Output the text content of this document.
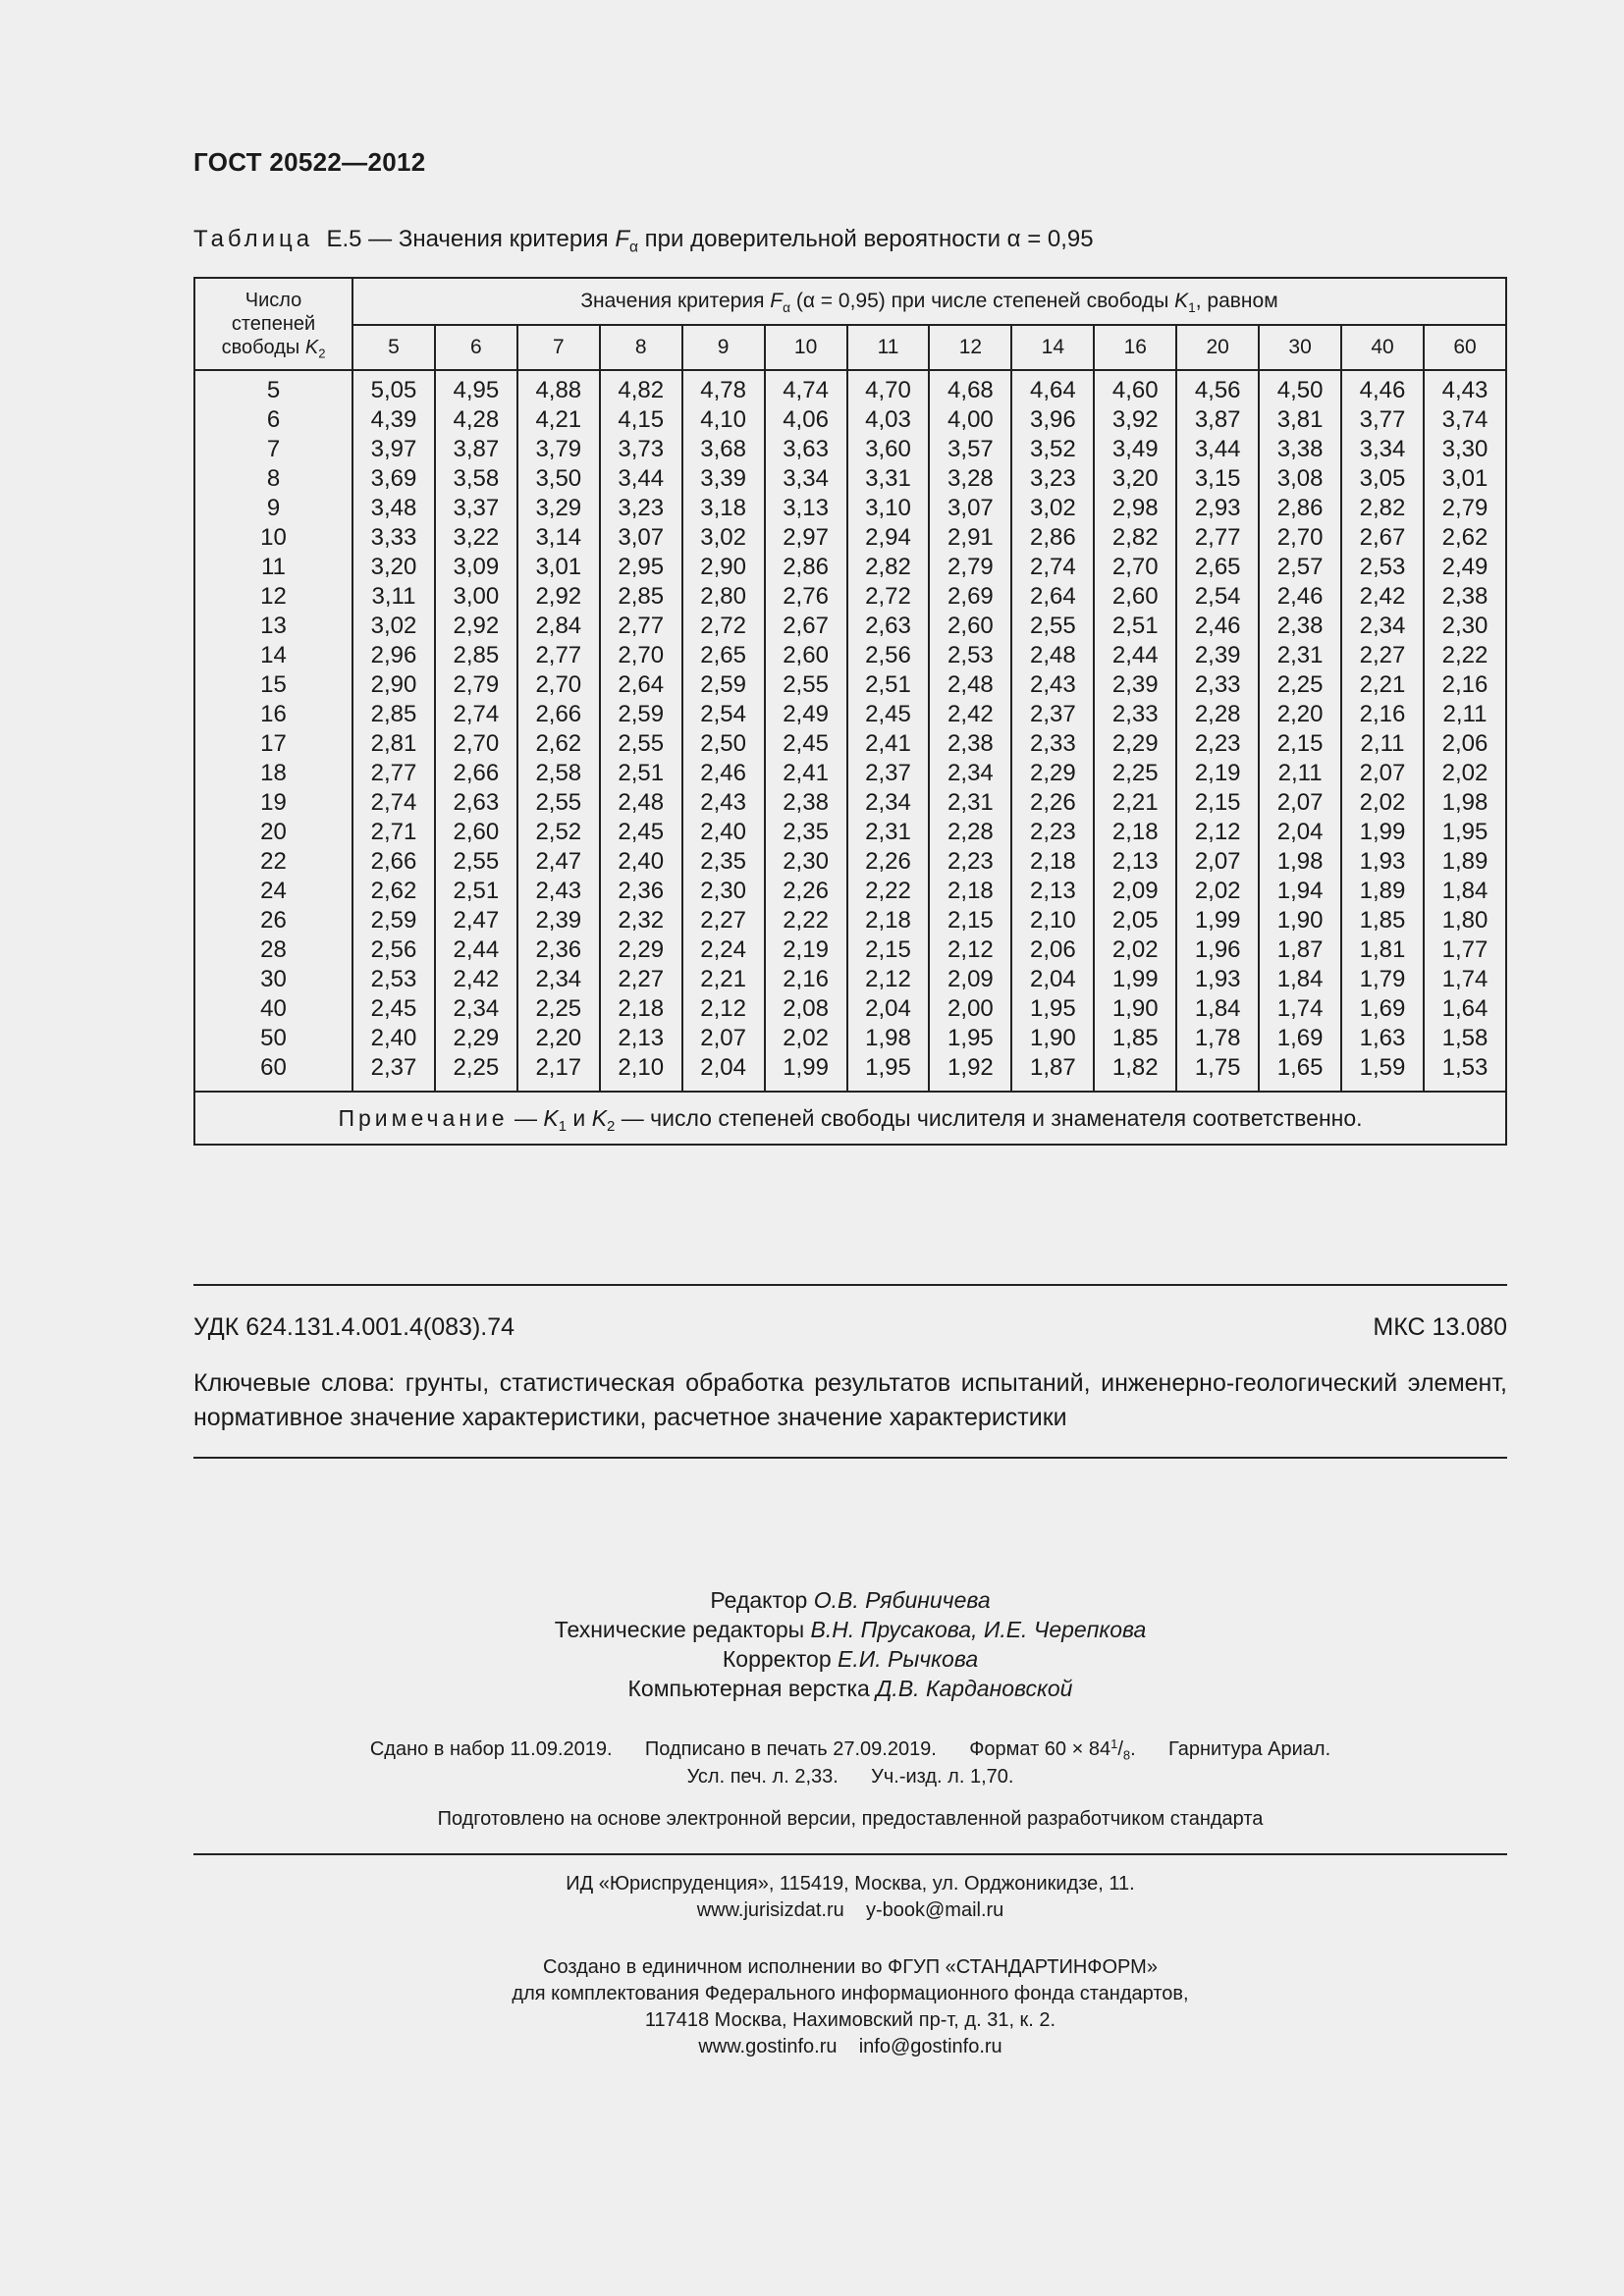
ГОСТ 20522—2012
Таблица Е.5 — Значения критерия $F_\alpha$ при доверительной вероятности α = 0,95
Число
степеней
свободы $K_2$	Значения критерия $F_\alpha$ (α = 0,95) при числе степеней свободы $K_1$, равном													
	5	6	7	8	9	10	11	12	14	16	20	30	40	60

5	5,05	4,95	4,88	4,82	4,78	4,74	4,70	4,68	4,64	4,60	4,56	4,50	4,46	4,43
6	4,39	4,28	4,21	4,15	4,10	4,06	4,03	4,00	3,96	3,92	3,87	3,81	3,77	3,74
7	3,97	3,87	3,79	3,73	3,68	3,63	3,60	3,57	3,52	3,49	3,44	3,38	3,34	3,30
8	3,69	3,58	3,50	3,44	3,39	3,34	3,31	3,28	3,23	3,20	3,15	3,08	3,05	3,01
9	3,48	3,37	3,29	3,23	3,18	3,13	3,10	3,07	3,02	2,98	2,93	2,86	2,82	2,79
10	3,33	3,22	3,14	3,07	3,02	2,97	2,94	2,91	2,86	2,82	2,77	2,70	2,67	2,62
11	3,20	3,09	3,01	2,95	2,90	2,86	2,82	2,79	2,74	2,70	2,65	2,57	2,53	2,49
12	3,11	3,00	2,92	2,85	2,80	2,76	2,72	2,69	2,64	2,60	2,54	2,46	2,42	2,38
13	3,02	2,92	2,84	2,77	2,72	2,67	2,63	2,60	2,55	2,51	2,46	2,38	2,34	2,30
14	2,96	2,85	2,77	2,70	2,65	2,60	2,56	2,53	2,48	2,44	2,39	2,31	2,27	2,22
15	2,90	2,79	2,70	2,64	2,59	2,55	2,51	2,48	2,43	2,39	2,33	2,25	2,21	2,16
16	2,85	2,74	2,66	2,59	2,54	2,49	2,45	2,42	2,37	2,33	2,28	2,20	2,16	2,11
17	2,81	2,70	2,62	2,55	2,50	2,45	2,41	2,38	2,33	2,29	2,23	2,15	2,11	2,06
18	2,77	2,66	2,58	2,51	2,46	2,41	2,37	2,34	2,29	2,25	2,19	2,11	2,07	2,02
19	2,74	2,63	2,55	2,48	2,43	2,38	2,34	2,31	2,26	2,21	2,15	2,07	2,02	1,98
20	2,71	2,60	2,52	2,45	2,40	2,35	2,31	2,28	2,23	2,18	2,12	2,04	1,99	1,95
22	2,66	2,55	2,47	2,40	2,35	2,30	2,26	2,23	2,18	2,13	2,07	1,98	1,93	1,89
24	2,62	2,51	2,43	2,36	2,30	2,26	2,22	2,18	2,13	2,09	2,02	1,94	1,89	1,84
26	2,59	2,47	2,39	2,32	2,27	2,22	2,18	2,15	2,10	2,05	1,99	1,90	1,85	1,80
28	2,56	2,44	2,36	2,29	2,24	2,19	2,15	2,12	2,06	2,02	1,96	1,87	1,81	1,77
30	2,53	2,42	2,34	2,27	2,21	2,16	2,12	2,09	2,04	1,99	1,93	1,84	1,79	1,74
40	2,45	2,34	2,25	2,18	2,12	2,08	2,04	2,00	1,95	1,90	1,84	1,74	1,69	1,64
50	2,40	2,29	2,20	2,13	2,07	2,02	1,98	1,95	1,90	1,85	1,78	1,69	1,63	1,58
60	2,37	2,25	2,17	2,10	2,04	1,99	1,95	1,92	1,87	1,82	1,75	1,65	1,59	1,53
Примечание — $K_1$ и $K_2$ — число степеней свободы числителя и знаменателя соответственно.														
УДК 624.131.4.001.4(083).74	МКС 13.080
Ключевые слова: грунты, статистическая обработка результатов испытаний, инженерно-геологический элемент, нормативное значение характеристики, расчетное значение характеристики
Редактор О.В. Рябиничева
Технические редакторы В.Н. Прусакова, И.Е. Черепкова
Корректор Е.И. Рычкова
Компьютерная верстка Д.В. Кардановской
Сдано в набор 11.09.2019.      Подписано в печать 27.09.2019.      Формат $60 \times 84^1/_8$.      Гарнитура Ариал.
Усл. печ. л. 2,33.      Уч.-изд. л. 1,70.
Подготовлено на основе электронной версии, предоставленной разработчиком стандарта
ИД «Юриспруденция», 115419, Москва, ул. Орджоникидзе, 11.
www.jurisizdat.ru    y-book@mail.ru
Создано в единичном исполнении во ФГУП «СТАНДАРТИНФОРМ»
для комплектования Федерального информационного фонда стандартов,
117418 Москва, Нахимовский пр-т, д. 31, к. 2.
www.gostinfo.ru    info@gostinfo.ru
